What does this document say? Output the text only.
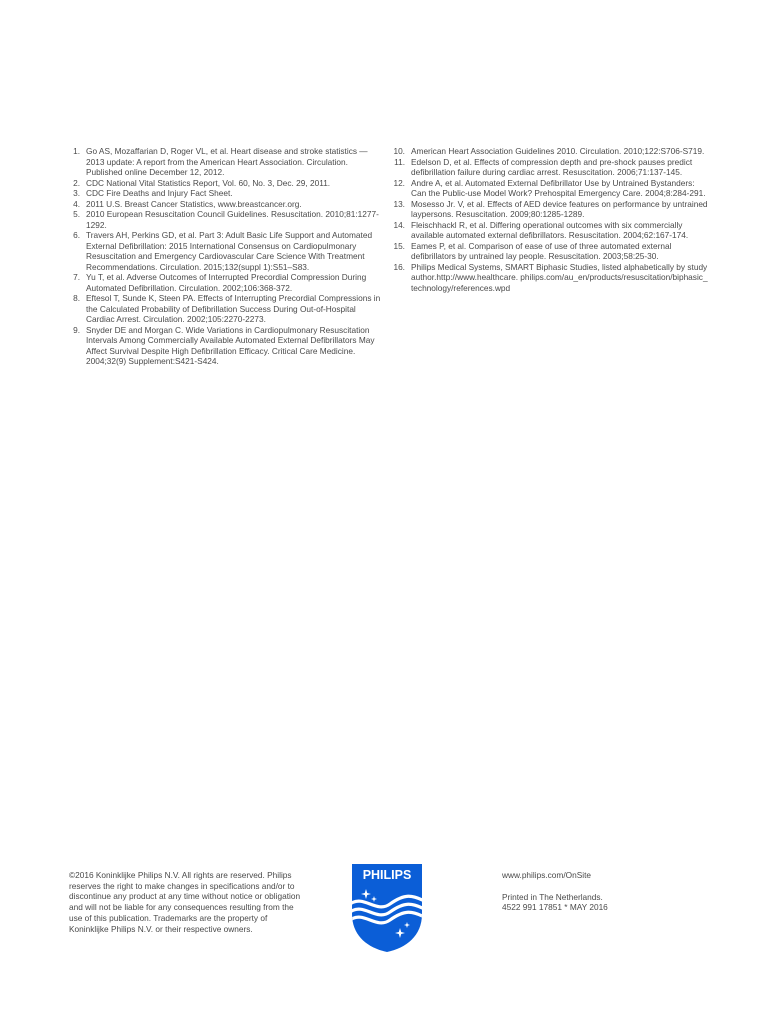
1. Go AS, Mozaffarian D, Roger VL, et al. Heart disease and stroke statistics — 2013 update: A report from the American Heart Association. Circulation. Published online December 12, 2012.
2. CDC National Vital Statistics Report, Vol. 60, No. 3, Dec. 29, 2011.
3. CDC Fire Deaths and Injury Fact Sheet.
4. 2011 U.S. Breast Cancer Statistics, www.breastcancer.org.
5. 2010 European Resuscitation Council Guidelines. Resuscitation. 2010;81:1277-1292.
6. Travers AH, Perkins GD, et al. Part 3: Adult Basic Life Support and Automated External Defibrillation: 2015 International Consensus on Cardiopulmonary Resuscitation and Emergency Cardiovascular Care Science With Treatment Recommendations. Circulation. 2015;132(suppl 1):S51–S83.
7. Yu T, et al. Adverse Outcomes of Interrupted Precordial Compression During Automated Defibrillation. Circulation. 2002;106:368-372.
8. Eftesol T, Sunde K, Steen PA. Effects of Interrupting Precordial Compressions in the Calculated Probability of Defibrillation Success During Out-of-Hospital Cardiac Arrest. Circulation. 2002;105:2270-2273.
9. Snyder DE and Morgan C. Wide Variations in Cardiopulmonary Resuscitation Intervals Among Commercially Available Automated External Defibrillators May Affect Survival Despite High Defibrillation Efficacy. Critical Care Medicine. 2004;32(9) Supplement:S421-S424.
10. American Heart Association Guidelines 2010. Circulation. 2010;122:S706-S719.
11. Edelson D, et al. Effects of compression depth and pre-shock pauses predict defibrillation failure during cardiac arrest. Resuscitation. 2006;71:137-145.
12. Andre A, et al. Automated External Defibrillator Use by Untrained Bystanders: Can the Public-use Model Work? Prehospital Emergency Care. 2004;8:284-291.
13. Mosesso Jr. V, et al. Effects of AED device features on performance by untrained laypersons. Resuscitation. 2009;80:1285-1289.
14. Fleischhackl R, et al. Differing operational outcomes with six commercially available automated external defibrillators. Resuscitation. 2004;62:167-174.
15. Eames P, et al. Comparison of ease of use of three automated external defibrillators by untrained lay people. Resuscitation. 2003;58:25-30.
16. Philips Medical Systems, SMART Biphasic Studies, listed alphabetically by study author.http://www.healthcare. philips.com/au_en/products/resuscitation/biphasic_ technology/references.wpd
©2016 Koninklijke Philips N.V. All rights are reserved. Philips reserves the right to make changes in specifications and/or to discontinue any product at any time without notice or obligation and will not be liable for any consequences resulting from the use of this publication. Trademarks are the property of Koninklijke Philips N.V. or their respective owners.
PHILIPS	www.philips.com/OnSite
Printed in The Netherlands.
4522 991 17851 * MAY 2016
